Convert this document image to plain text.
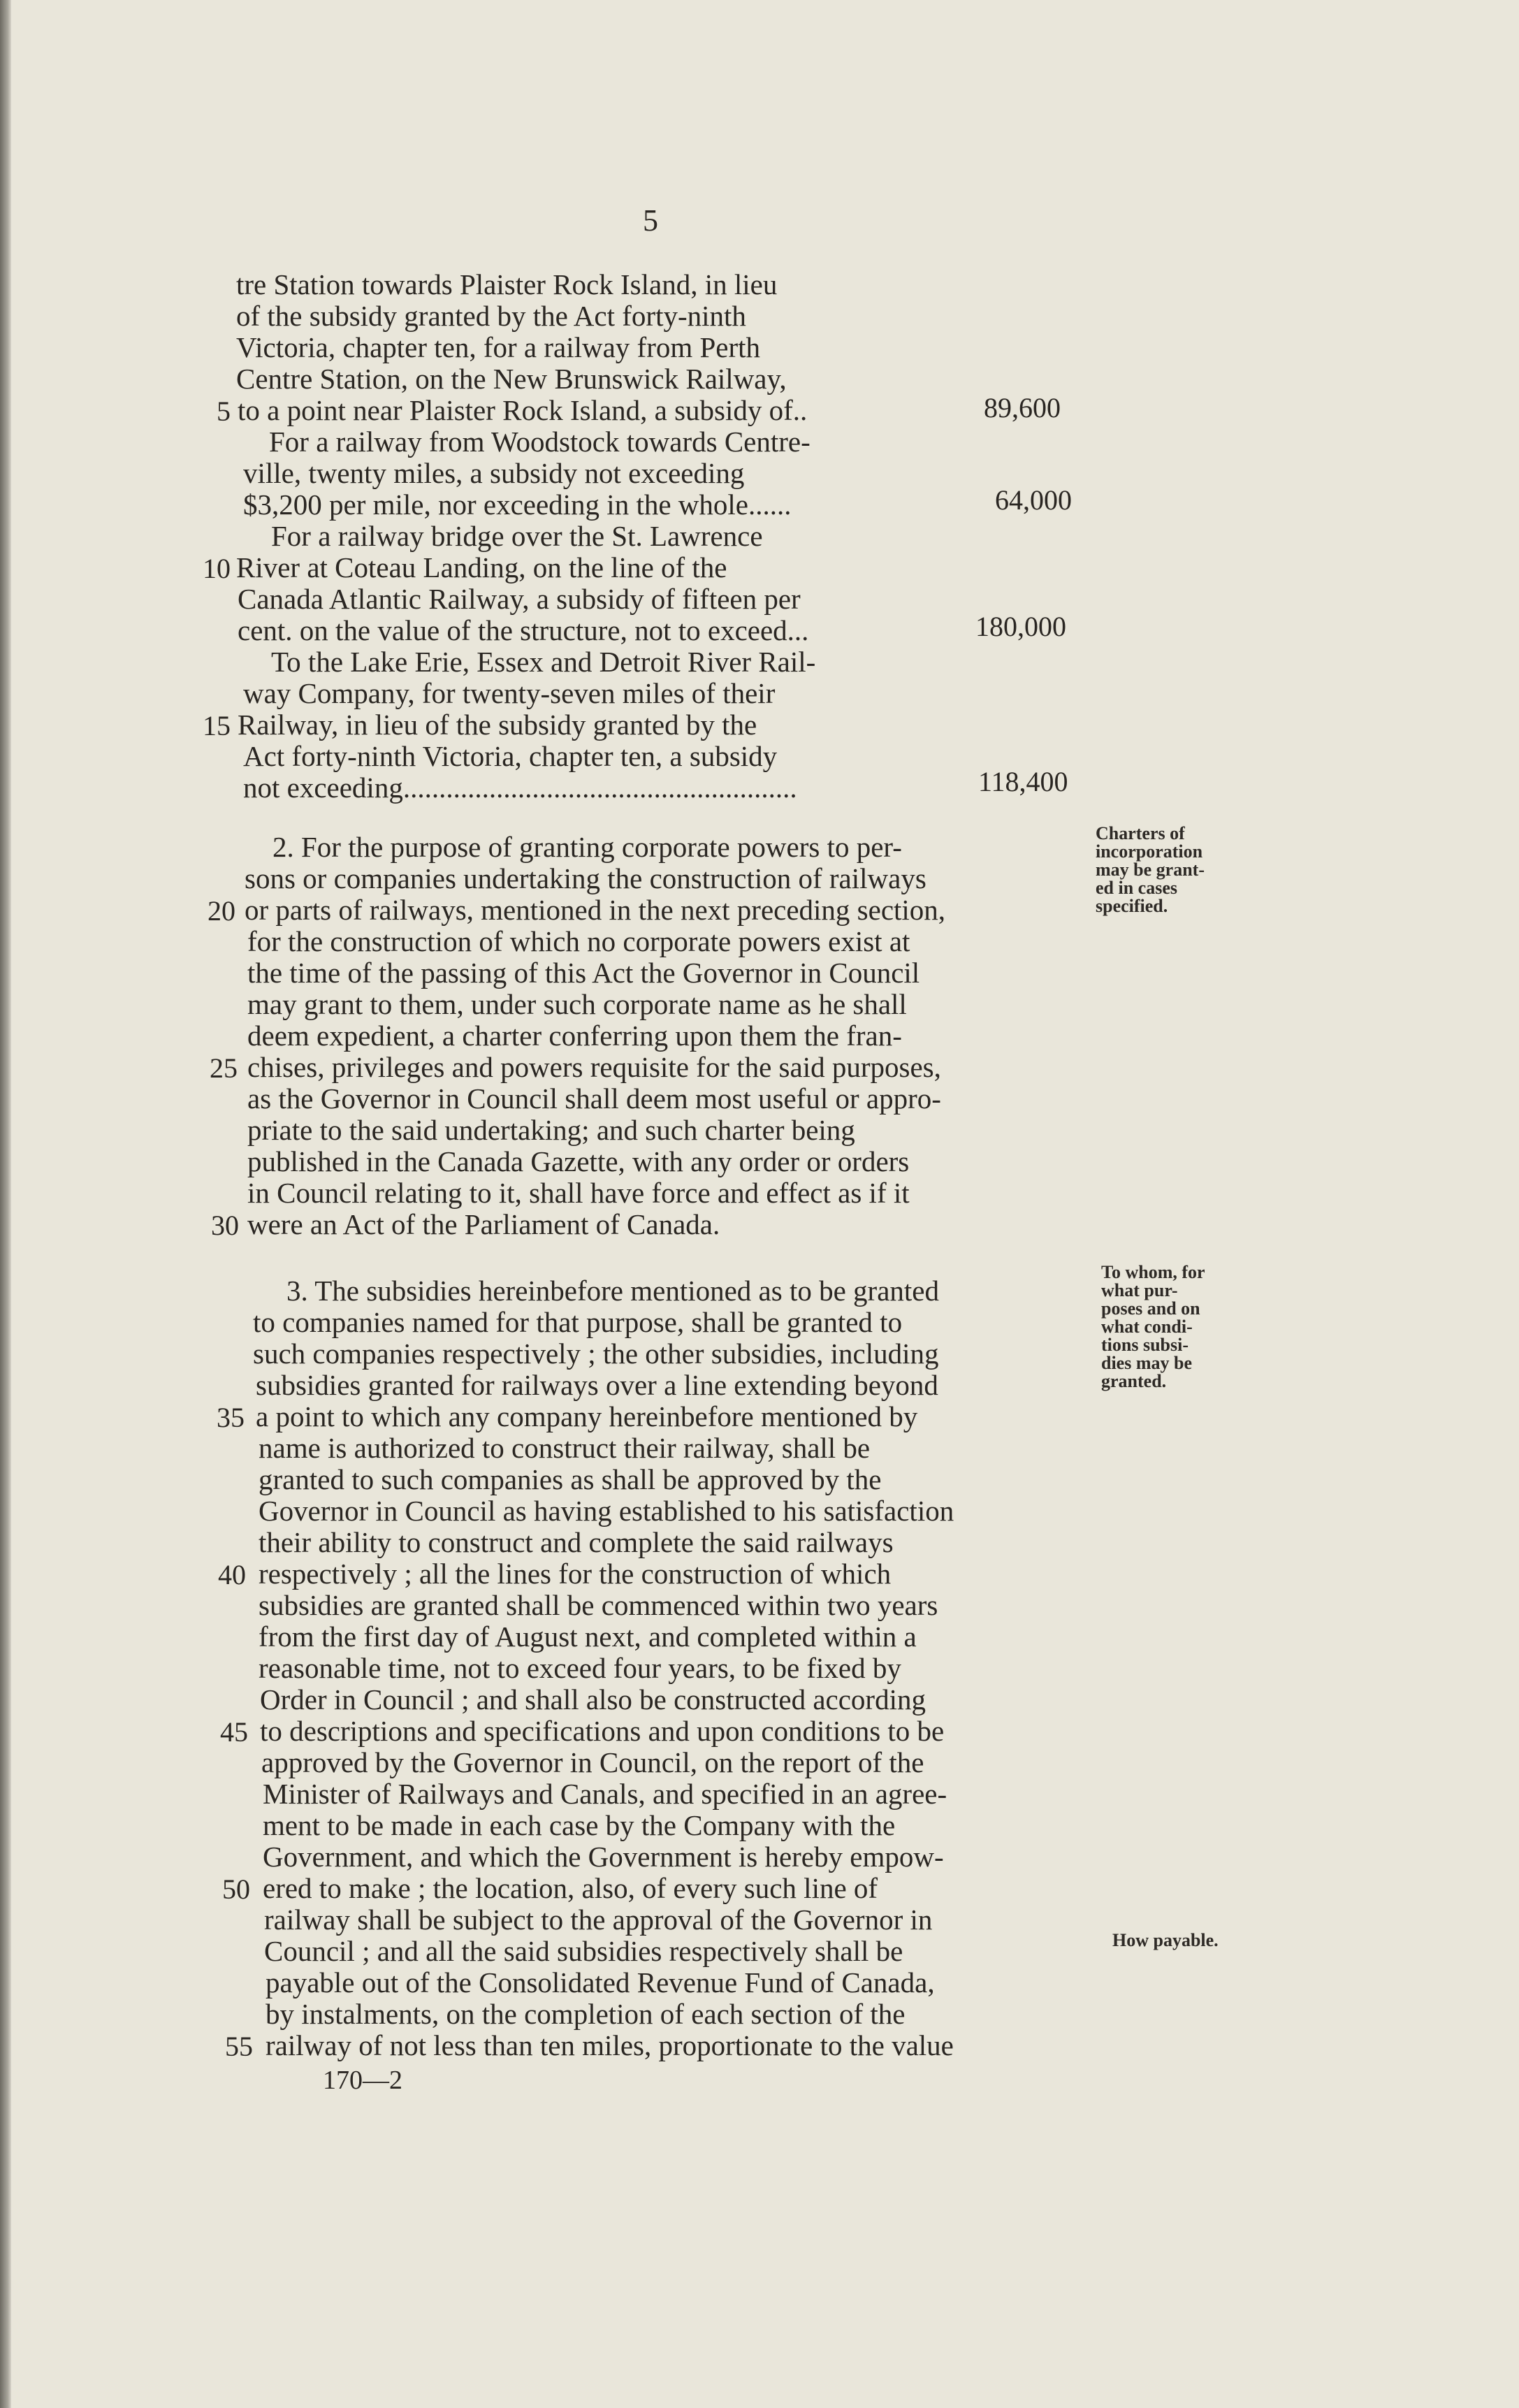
5
tre Station towards Plaister Rock Island, in lieu
of the subsidy granted by the Act forty-ninth
Victoria, chapter ten, for a railway from Perth
Centre Station, on the New Brunswick Railway,
to a point near Plaister Rock Island, a subsidy of..
For a railway from Woodstock towards Centre-
ville, twenty miles, a subsidy not exceeding
$3,200 per mile, nor exceeding in the whole......
For a railway bridge over the St. Lawrence
River at Coteau Landing, on the line of the
Canada Atlantic Railway, a subsidy of fifteen per
cent. on the value of the structure, not to exceed...
To the Lake Erie, Essex and Detroit River Rail-
way Company, for twenty-seven miles of their
Railway, in lieu of the subsidy granted by the
Act forty-ninth Victoria, chapter ten, a subsidy
not exceeding.......................................................
2. For the purpose of granting corporate powers to per-
sons or companies undertaking the construction of railways
or parts of railways, mentioned in the next preceding section,
for the construction of which no corporate powers exist at
the time of the passing of this Act the Governor in Council
may grant to them, under such corporate name as he shall
deem expedient, a charter conferring upon them the fran-
chises, privileges and powers requisite for the said purposes,
as the Governor in Council shall deem most useful or appro-
priate to the said undertaking; and such charter being
published in the Canada Gazette, with any order or orders
in Council relating to it, shall have force and effect as if it
were an Act of the Parliament of Canada.
3. The subsidies hereinbefore mentioned as to be granted
to companies named for that purpose, shall be granted to
such companies respectively ; the other subsidies, including
subsidies granted for railways over a line extending beyond
a point to which any company hereinbefore mentioned by
name is authorized to construct their railway, shall be
granted to such companies as shall be approved by the
Governor in Council as having established to his satisfaction
their ability to construct and complete the said railways
respectively ; all the lines for the construction of which
subsidies are granted shall be commenced within two years
from the first day of August next, and completed within a
reasonable time, not to exceed four years, to be fixed by
Order in Council ; and shall also be constructed according
to descriptions and specifications and upon conditions to be
approved by the Governor in Council, on the report of the
Minister of Railways and Canals, and specified in an agree-
ment to be made in each case by the Company with the
Government, and which the Government is hereby empow-
ered to make ; the location, also, of every such line of
railway shall be subject to the approval of the Governor in
Council ; and all the said subsidies respectively shall be
payable out of the Consolidated Revenue Fund of Canada,
by instalments, on the completion of each section of the
railway of not less than ten miles, proportionate to the value
5
10
15
20
25
30
35
40
45
50
55
89,600
64,000
180,000
118,400
Charters of
incorporation
may be grant-
ed in cases
specified.
To whom, for
what pur-
poses and on
what condi-
tions subsi-
dies may be
granted.
How payable.
170—2
